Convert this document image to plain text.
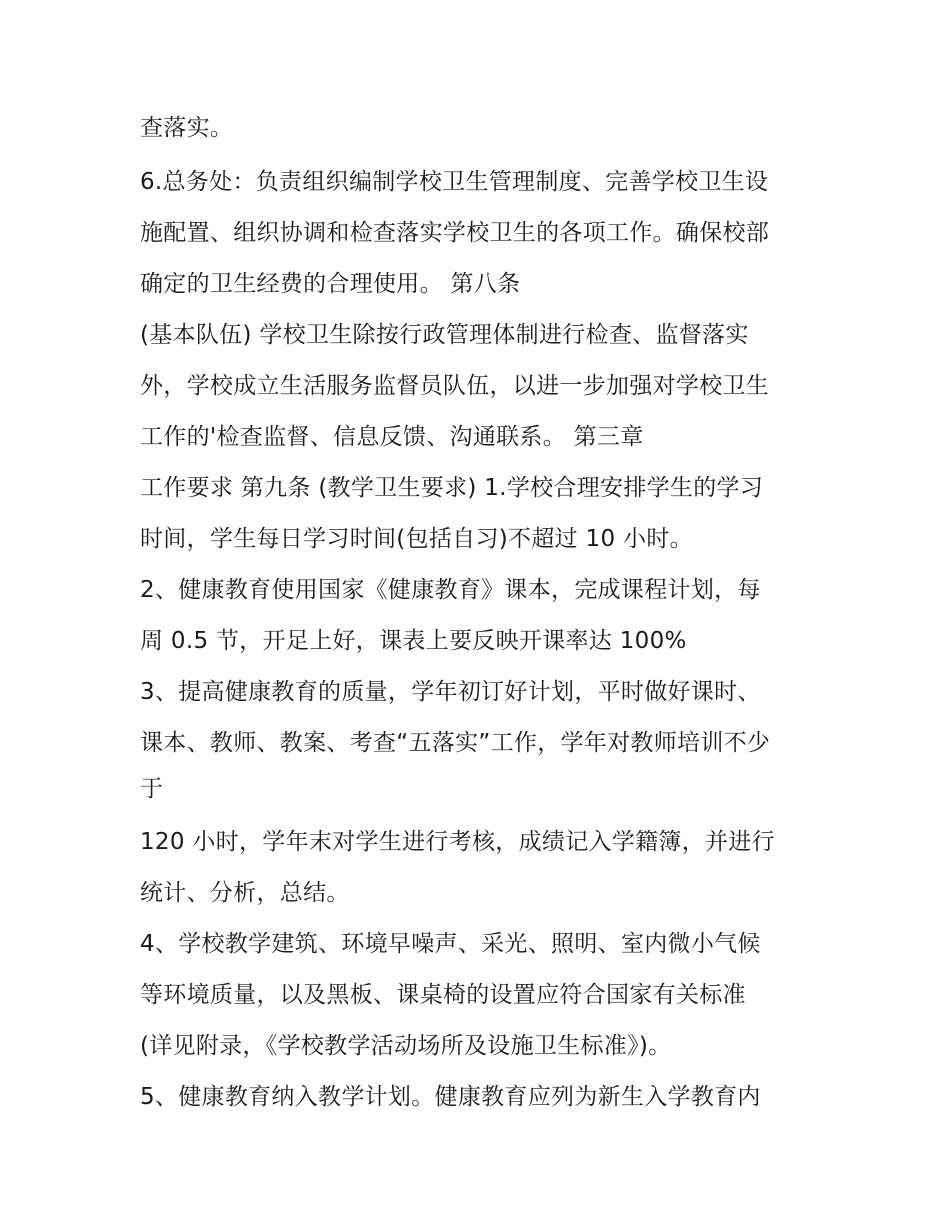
查落实。
6.总务处：负责组织编制学校卫生管理制度、完善学校卫生设
施配置、组织协调和检查落实学校卫生的各项工作。确保校部
确定的卫生经费的合理使用。 第八条
(基本队伍) 学校卫生除按行政管理体制进行检查、监督落实
外，学校成立生活服务监督员队伍，以进一步加强对学校卫生
工作的'检查监督、信息反馈、沟通联系。 第三章
工作要求 第九条 (教学卫生要求) 1.学校合理安排学生的学习
时间，学生每日学习时间(包括自习)不超过 10 小时。
2、健康教育使用国家《健康教育》课本，完成课程计划，每
周 0.5 节，开足上好，课表上要反映开课率达 100%
3、提高健康教育的质量，学年初订好计划，平时做好课时、
课本、教师、教案、考查“五落实”工作，学年对教师培训不少
于
120 小时，学年末对学生进行考核，成绩记入学籍簿，并进行
统计、分析，总结。
4、学校教学建筑、环境早噪声、采光、照明、室内微小气候
等环境质量，以及黑板、课桌椅的设置应符合国家有关标准
(详见附录，《学校教学活动场所及设施卫生标准》)。
5、健康教育纳入教学计划。健康教育应列为新生入学教育内
